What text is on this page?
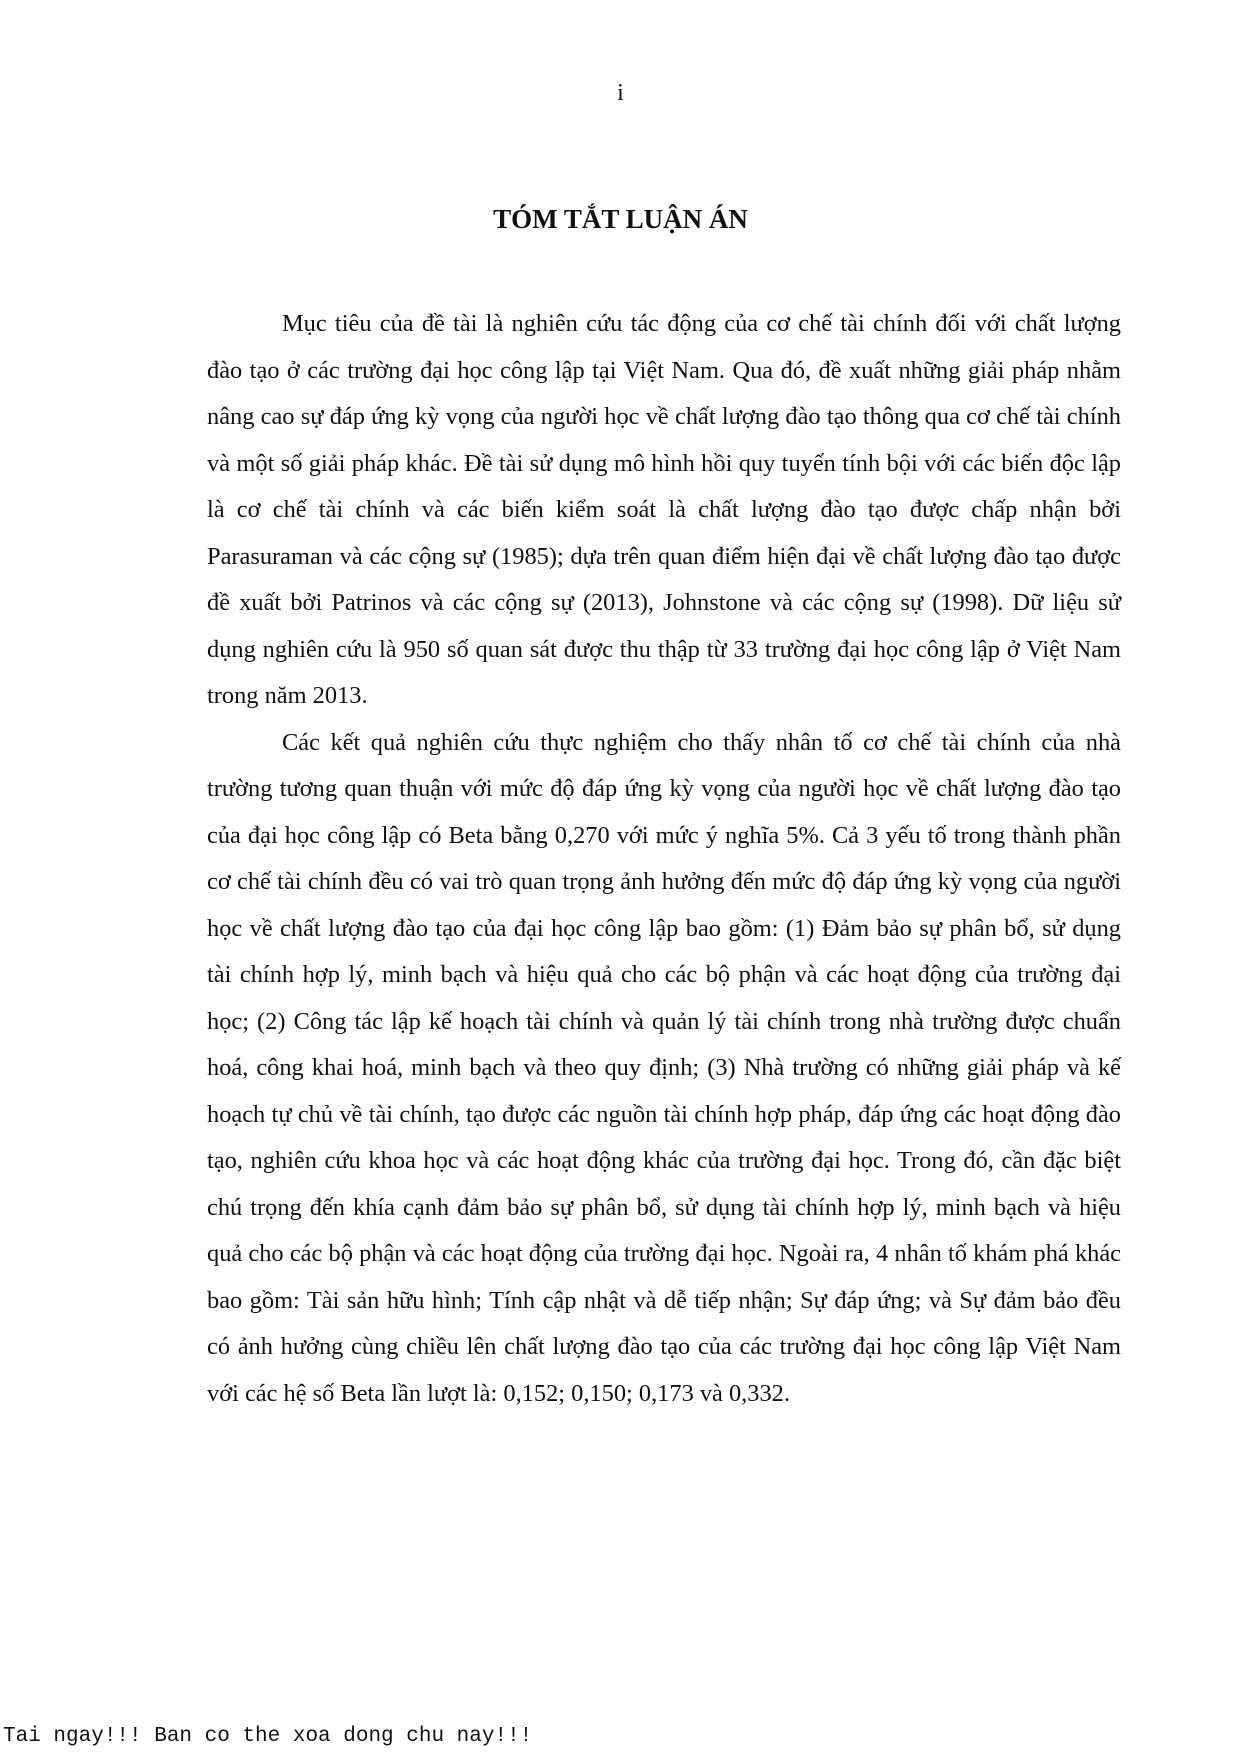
i
TÓM TẮT LUẬN ÁN

Mục tiêu của đề tài là nghiên cứu tác động của cơ chế tài chính đối với chất lượng đào tạo ở các trường đại học công lập tại Việt Nam. Qua đó, đề xuất những giải pháp nhằm nâng cao sự đáp ứng kỳ vọng của người học về chất lượng đào tạo thông qua cơ chế tài chính và một số giải pháp khác. Đề tài sử dụng mô hình hồi quy tuyến tính bội với các biến độc lập là cơ chế tài chính và các biến kiểm soát là chất lượng đào tạo được chấp nhận bởi Parasuraman và các cộng sự (1985); dựa trên quan điểm hiện đại về chất lượng đào tạo được đề xuất bởi Patrinos và các cộng sự (2013), Johnstone và các cộng sự (1998). Dữ liệu sử dụng nghiên cứu là 950 số quan sát được thu thập từ 33 trường đại học công lập ở Việt Nam trong năm 2013.

Các kết quả nghiên cứu thực nghiệm cho thấy nhân tố cơ chế tài chính của nhà trường tương quan thuận với mức độ đáp ứng kỳ vọng của người học về chất lượng đào tạo của đại học công lập có Beta bằng 0,270 với mức ý nghĩa 5%. Cả 3 yếu tố trong thành phần cơ chế tài chính đều có vai trò quan trọng ảnh hưởng đến mức độ đáp ứng kỳ vọng của người học về chất lượng đào tạo của đại học công lập bao gồm: (1) Đảm bảo sự phân bổ, sử dụng tài chính hợp lý, minh bạch và hiệu quả cho các bộ phận và các hoạt động của trường đại học; (2) Công tác lập kế hoạch tài chính và quản lý tài chính trong nhà trường được chuẩn hoá, công khai hoá, minh bạch và theo quy định; (3) Nhà trường có những giải pháp và kế hoạch tự chủ về tài chính, tạo được các nguồn tài chính hợp pháp, đáp ứng các hoạt động đào tạo, nghiên cứu khoa học và các hoạt động khác của trường đại học. Trong đó, cần đặc biệt chú trọng đến khía cạnh đảm bảo sự phân bổ, sử dụng tài chính hợp lý, minh bạch và hiệu quả cho các bộ phận và các hoạt động của trường đại học. Ngoài ra, 4 nhân tố khám phá khác bao gồm: Tài sản hữu hình; Tính cập nhật và dễ tiếp nhận; Sự đáp ứng; và Sự đảm bảo đều có ảnh hưởng cùng chiều lên chất lượng đào tạo của các trường đại học công lập Việt Nam với các hệ số Beta lần lượt là: 0,152; 0,150; 0,173 và 0,332.

Tai ngay!!! Ban co the xoa dong chu nay!!!
